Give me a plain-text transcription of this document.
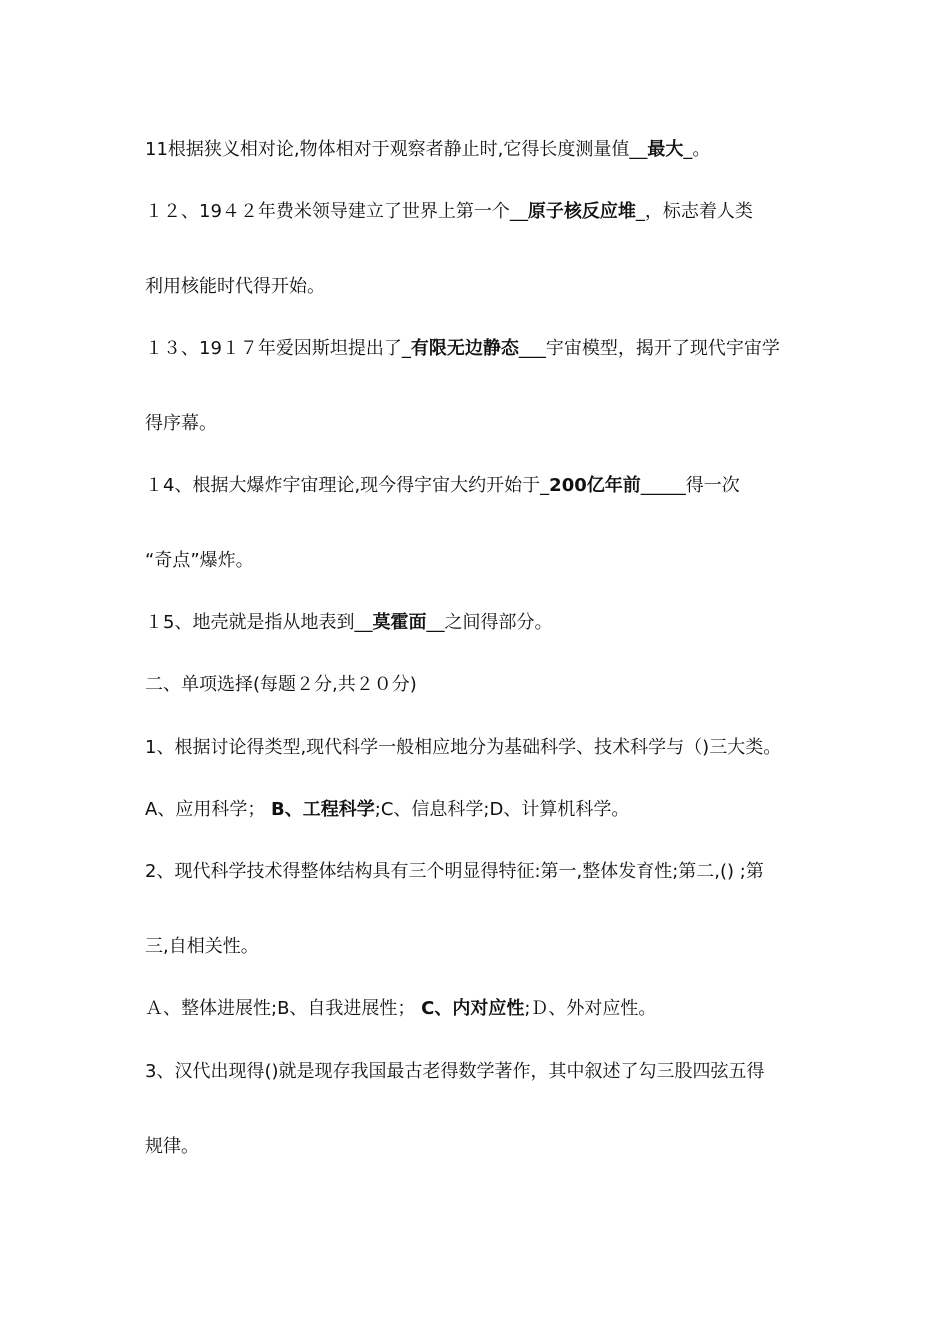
11根据狭义相对论,物体相对于观察者静止时,它得长度测量值__最大_。
１２、19４２年费米领导建立了世界上第一个__原子核反应堆_，标志着人类
利用核能时代得开始。
１３、19１７年爱因斯坦提出了_有限无边静态___宇宙模型，揭开了现代宇宙学
得序幕。
１4、根据大爆炸宇宙理论,现今得宇宙大约开始于_200亿年前_____得一次
“奇点”爆炸。
１5、地壳就是指从地表到__莫霍面__之间得部分。
二、单项选择(每题２分,共２０分)
1、根据讨论得类型,现代科学一般相应地分为基础科学、技术科学与（)三大类。
A、应用科学； B、工程科学;C、信息科学;D、计算机科学。
2、现代科学技术得整体结构具有三个明显得特征:第一,整体发育性;第二,() ;第
三,自相关性。
Ａ、整体进展性;B、自我进展性； C、内对应性;Ｄ、外对应性。
3、汉代出现得()就是现存我国最古老得数学著作，其中叙述了勾三股四弦五得
规律。
